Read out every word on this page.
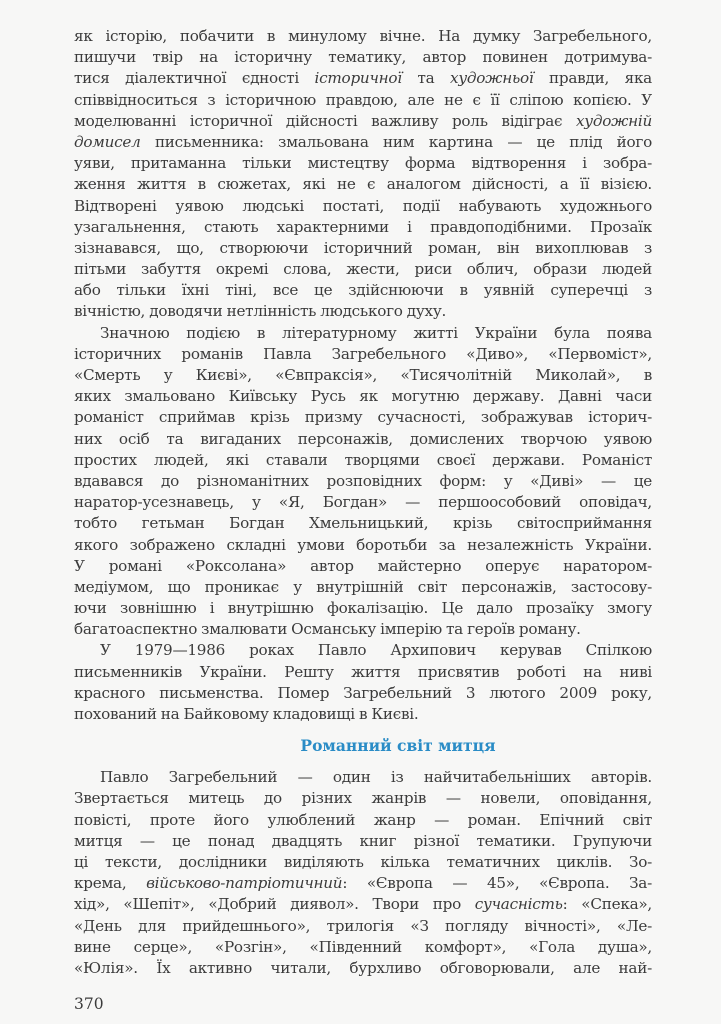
як історію, побачити в минулому вічне. На думку Загребельного,
пишучи твір на історичну тематику, автор повинен дотримува-
тися діалектичної єдності історичної та художньої правди, яка
співвідноситься з історичною правдою, але не є її сліпою копією. У
моделюванні історичної дійсності важливу роль відіграє художній
домисел письменника: змальована ним картина — це плід його
уяви, притаманна тільки мистецтву форма відтворення і зобра-
ження життя в сюжетах, які не є аналогом дійсності, а її візією.
Відтворені уявою людські постаті, події набувають художнього
узагальнення, стають характерними і правдоподібними. Прозаїк
зізнавався, що, створюючи історичний роман, він вихоплював з
пітьми забуття окремі слова, жести, риси облич, образи людей
або тільки їхні тіні, все це здійснюючи в уявній суперечці з
вічністю, доводячи нетлінність людського духу.
Значною подією в літературному житті України була поява
історичних романів Павла Загребельного «Диво», «Первоміст»,
«Смерть у Києві», «Євпраксія», «Тисячолітній Миколай», в
яких змальовано Київську Русь як могутню державу. Давні часи
романіст сприймав крізь призму сучасності, зображував історич-
них осіб та вигаданих персонажів, домислених творчою уявою
простих людей, які ставали творцями своєї держави. Романіст
вдавався до різноманітних розповідних форм: у «Диві» — це
наратор-усезнавець, у «Я, Богдан» — першоособовий оповідач,
тобто гетьман Богдан Хмельницький, крізь світосприймання
якого зображено складні умови боротьби за незалежність України.
У романі «Роксолана» автор майстерно оперує наратором-
медіумом, що проникає у внутрішній світ персонажів, застосову-
ючи зовнішню і внутрішню фокалізацію. Це дало прозаїку змогу
багатоаспектно змалювати Османську імперію та героїв роману.
У 1979—1986 роках Павло Архипович керував Спілкою
письменників України. Решту життя присвятив роботі на ниві
красного письменства. Помер Загребельний 3 лютого 2009 року,
похований на Байковому кладовищі в Києві.
Романний світ митця
Павло Загребельний — один із найчитабельніших авторів.
Звертається митець до різних жанрів — новели, оповідання,
повісті, проте його улюблений жанр — роман. Епічний світ
митця — це понад двадцять книг різної тематики. Групуючи
ці тексти, дослідники виділяють кілька тематичних циклів. Зо-
крема, військово-патріотичний: «Європа — 45», «Європа. За-
хід», «Шепіт», «Добрий диявол». Твори про сучасність: «Спека»,
«День для прийдешнього», трилогія «З погляду вічності», «Ле-
вине серце», «Розгін», «Південний комфорт», «Гола душа»,
«Юлія». Їх активно читали, бурхливо обговорювали, але най-
370
